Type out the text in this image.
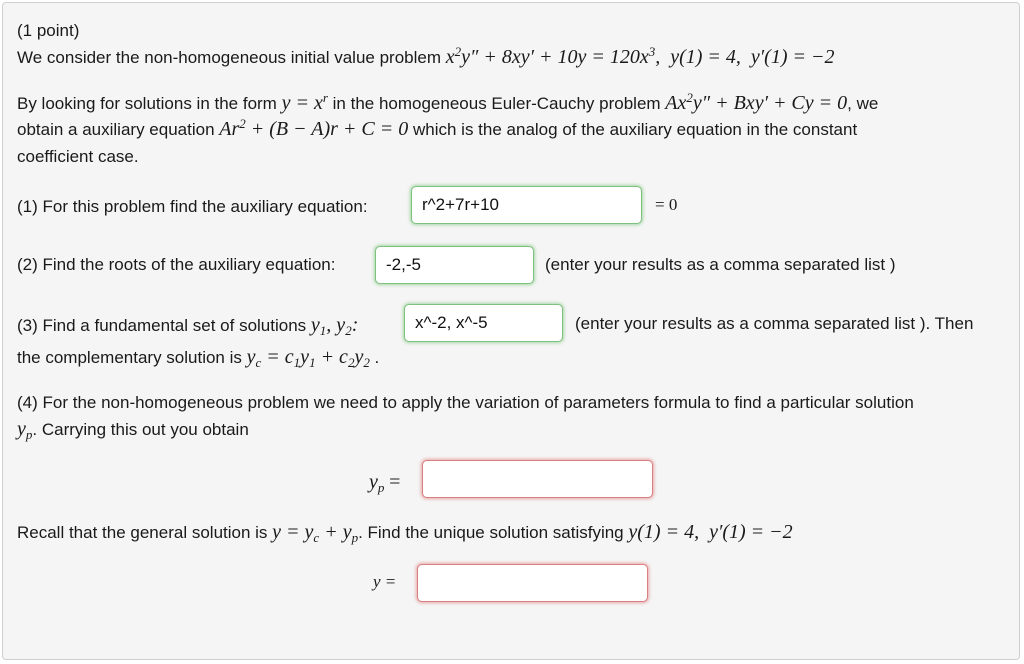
(1 point)
We consider the non-homogeneous initial value problem $x^2y'' + 8xy' + 10y = 120x^3$,  y(1) = 4, y′(1) = −2
By looking for solutions in the form $y = x^r$ in the homogeneous Euler-Cauchy problem $Ax^2y'' + Bxy' + Cy = 0$, we
obtain a auxiliary equation $Ar^2 + (B - A)r + C = 0$ which is the analog of the auxiliary equation in the constant
coefficient case.
(1) For this problem find the auxiliary equation:	r^2+7r+10	= 0
(2) Find the roots of the auxiliary equation:	-2,-5	(enter your results as a comma separated list )
(3) Find a fundamental set of solutions $y_1$, $y_2$:	x^-2, x^-5	(enter your results as a comma separated list ). Then
the complementary solution is $y_c = c_1y_1 + c_2y_2$ .
(4) For the non-homogeneous problem we need to apply the variation of parameters formula to find a particular solution
$y_p$. Carrying this out you obtain
$y_p$ =
Recall that the general solution is $y = y_c + y_p$. Find the unique solution satisfying y(1) = 4, y′(1) = −2
y =
